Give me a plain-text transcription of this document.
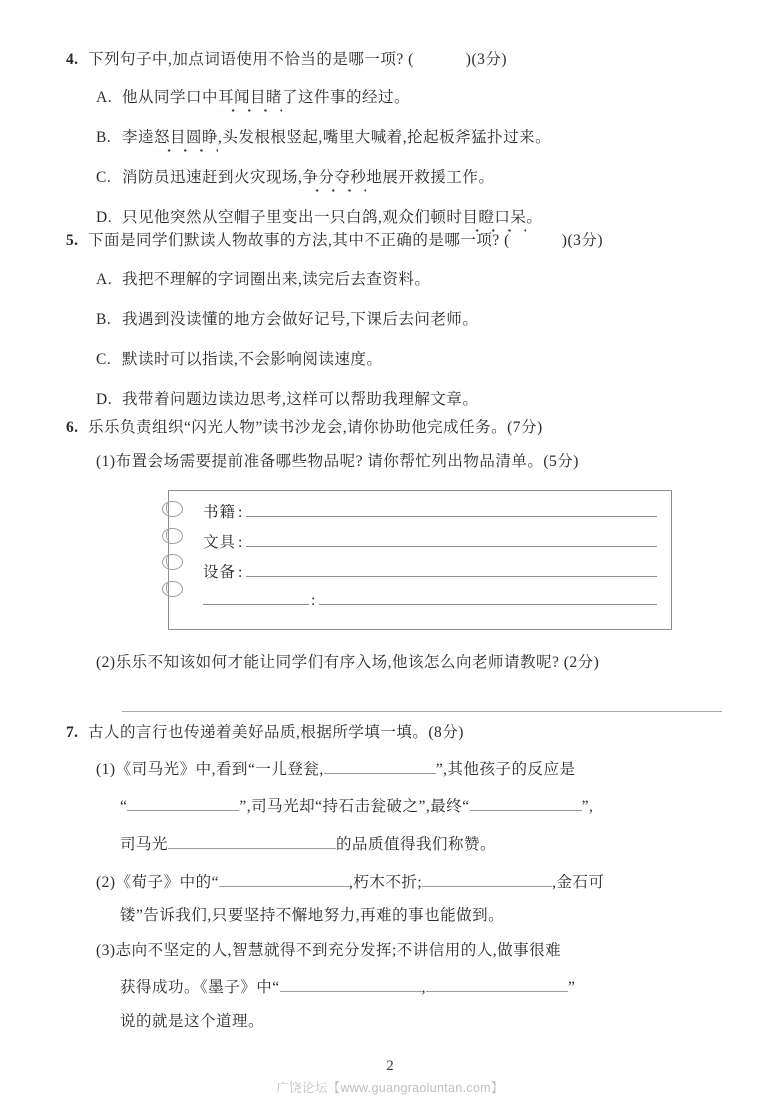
4. 下列句子中,加点词语使用不恰当的是哪一项? (	)(3分)
A. 他从同学口中 耳闻目睹 了这件事的经过。
B. 李逵 怒目圆睁 ,头发根根竖起,嘴里大喊着,抡起板斧猛扑过来。
C. 消防员迅速赶到火灾现场, 争分夺秒 地展开救援工作。
D. 只见他突然从空帽子里变出一只白鸽,观众们顿时 目瞪口呆 。
5. 下面是同学们默读人物故事的方法,其中不正确的是哪一项? (	)(3分)
A. 我把不理解的字词圈出来,读完后去查资料。
B. 我遇到没读懂的地方会做好记号,下课后去问老师。
C. 默读时可以指读,不会影响阅读速度。
D. 我带着问题边读边思考,这样可以帮助我理解文章。
6. 乐乐负责组织“闪光人物”读书沙龙会,请你协助他完成任务。(7分)
(1)布置会场需要提前准备哪些物品呢? 请你帮忙列出物品清单。(5分)
书籍 :
文具 :
设备 :
:
(2)乐乐不知该如何才能让同学们有序入场,他该怎么向老师请教呢? (2分)
7. 古人的言行也传递着美好品质,根据所学填一填。(8分)
(1)《司马光》中,看到“一儿登瓮,	”,其他孩子的反应是
“	”,司马光却“持石击瓮破之”,最终“	”,
司马光	的品质值得我们称赞。
(2)《荀子》中的“	,朽木不折;	,金石可
镂”告诉我们,只要坚持不懈地努力,再难的事也能做到。
(3)志向不坚定的人,智慧就得不到充分发挥;不讲信用的人,做事很难
获得成功。《墨子》中“	,	”
说的就是这个道理。
2
广饶论坛【www.guangraoluntan.com】
